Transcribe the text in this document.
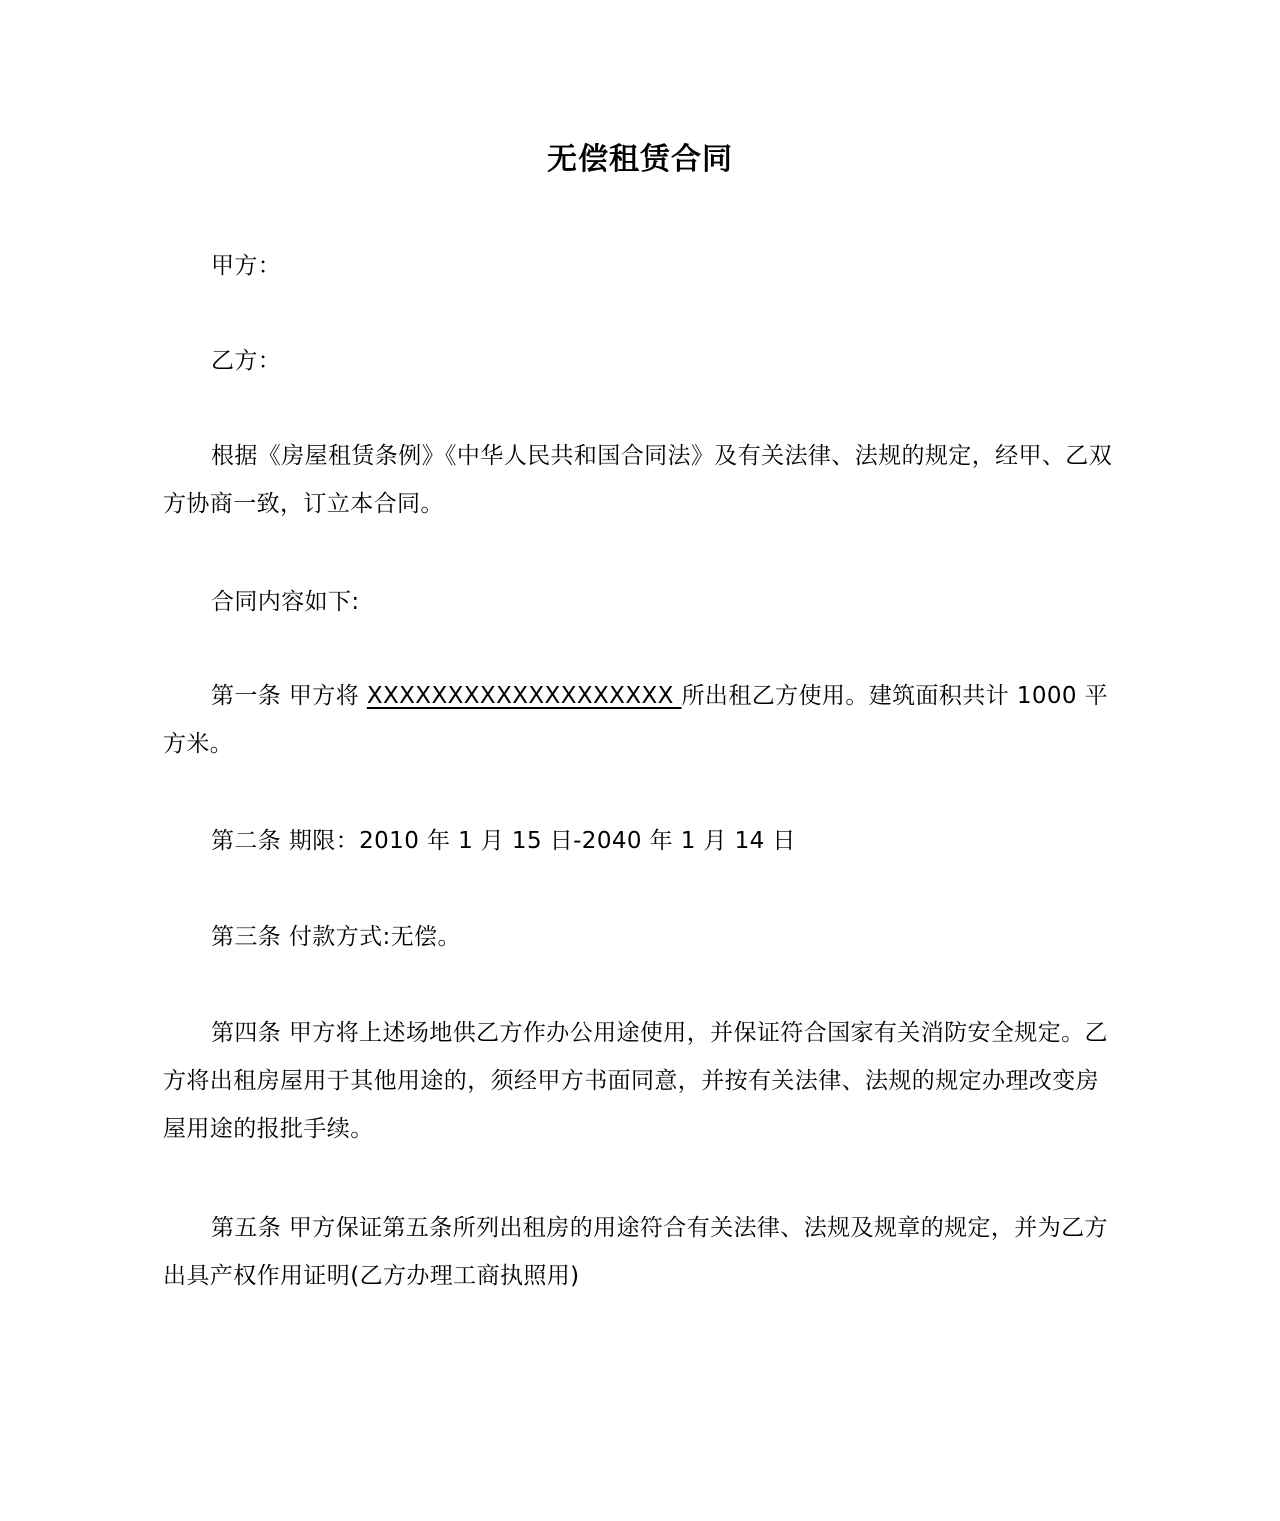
无偿租赁合同

甲方：

乙方：

根据《房屋租赁条例》《中华人民共和国合同法》及有关法律、法规的规定，经甲、乙双方协商一致，订立本合同。

合同内容如下:

第一条 甲方将 XXXXXXXXXXXXXXXXXXX 所出租乙方使用。建筑面积共计 1000 平方米。

第二条 期限：2010 年 1 月 15 日-2040 年 1 月 14 日

第三条 付款方式:无偿。

第四条 甲方将上述场地供乙方作办公用途使用，并保证符合国家有关消防安全规定。乙方将出租房屋用于其他用途的，须经甲方书面同意，并按有关法律、法规的规定办理改变房屋用途的报批手续。

第五条 甲方保证第五条所列出租房的用途符合有关法律、法规及规章的规定，并为乙方出具产权作用证明(乙方办理工商执照用)
